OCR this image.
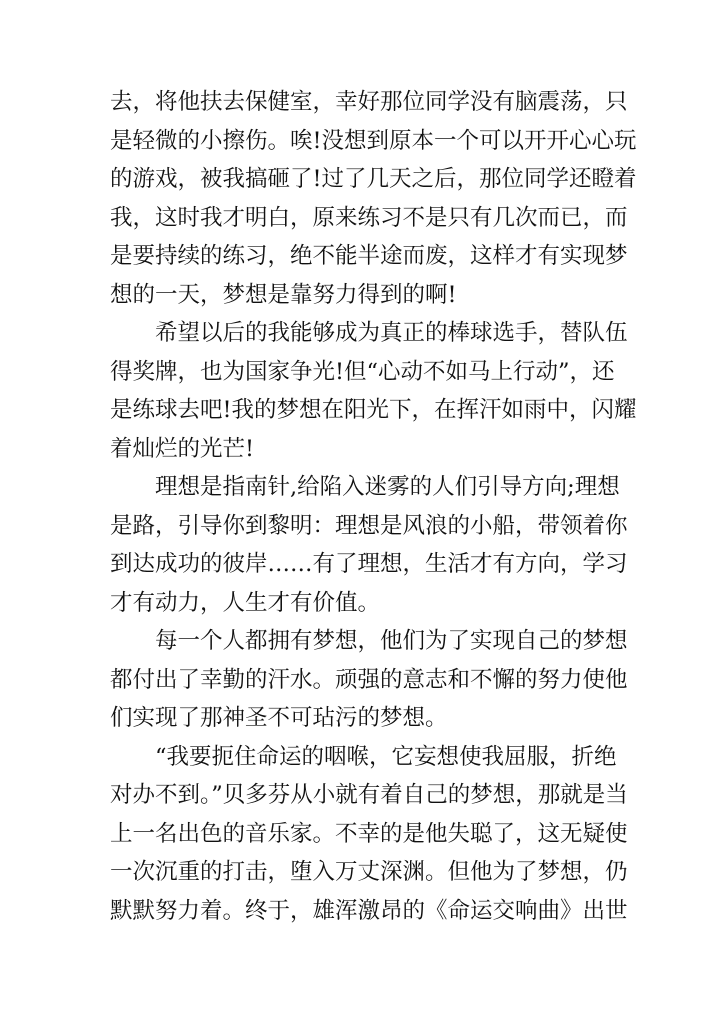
去，将他扶去保健室，幸好那位同学没有脑震荡，只
是轻微的小擦伤。唉!没想到原本一个可以开开心心玩
的游戏，被我搞砸了!过了几天之后，那位同学还瞪着
我，这时我才明白，原来练习不是只有几次而已，而
是要持续的练习，绝不能半途而废，这样才有实现梦
想的一天，梦想是靠努力得到的啊!
希望以后的我能够成为真正的棒球选手，替队伍
得奖牌，也为国家争光!但“心动不如马上行动”，还
是练球去吧!我的梦想在阳光下，在挥汗如雨中，闪耀
着灿烂的光芒!
理想是指南针,给陷入迷雾的人们引导方向;理想
是路，引导你到黎明：理想是风浪的小船，带领着你
到达成功的彼岸……有了理想，生活才有方向，学习
才有动力，人生才有价值。
每一个人都拥有梦想，他们为了实现自己的梦想
都付出了幸勤的汗水。顽强的意志和不懈的努力使他
们实现了那神圣不可玷污的梦想。
“我要扼住命运的咽喉，它妄想使我屈服，折绝
对办不到。”贝多芬从小就有着自己的梦想，那就是当
上一名出色的音乐家。不幸的是他失聪了，这无疑使
一次沉重的打击，堕入万丈深渊。但他为了梦想，仍
默默努力着。终于，雄浑激昂的《命运交响曲》出世
